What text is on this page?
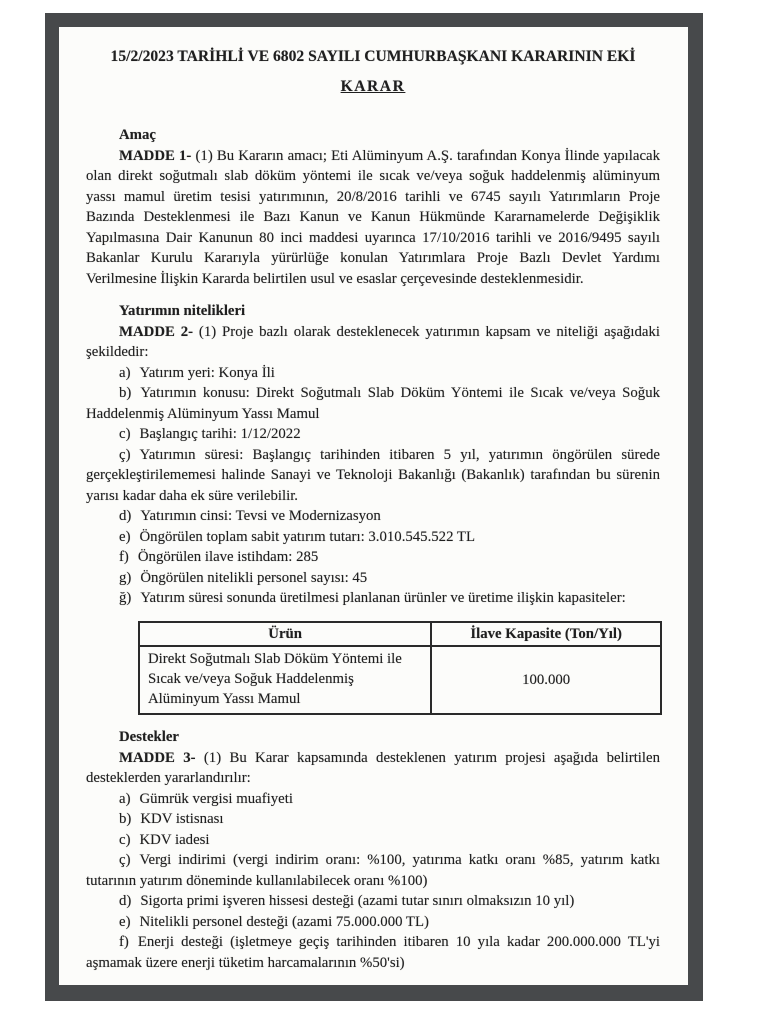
15/2/2023 TARİHLİ VE 6802 SAYILI CUMHURBAŞKANI KARARININ EKİ
KARAR

Amaç

MADDE 1- (1) Bu Kararın amacı; Eti Alüminyum A.Ş. tarafından Konya İlinde yapılacak olan direkt soğutmalı slab döküm yöntemi ile sıcak ve/veya soğuk haddelenmiş alüminyum yassı mamul üretim tesisi yatırımının, 20/8/2016 tarihli ve 6745 sayılı Yatırımların Proje Bazında Desteklenmesi ile Bazı Kanun ve Kanun Hükmünde Kararnamelerde Değişiklik Yapılmasına Dair Kanunun 80 inci maddesi uyarınca 17/10/2016 tarihli ve 2016/9495 sayılı Bakanlar Kurulu Kararıyla yürürlüğe konulan Yatırımlara Proje Bazlı Devlet Yardımı Verilmesine İlişkin Kararda belirtilen usul ve esaslar çerçevesinde desteklenmesidir.

Yatırımın nitelikleri

MADDE 2- (1) Proje bazlı olarak desteklenecek yatırımın kapsam ve niteliği aşağıdaki şekildedir:

a) Yatırım yeri: Konya İli

b) Yatırımın konusu: Direkt Soğutmalı Slab Döküm Yöntemi ile Sıcak ve/veya Soğuk Haddelenmiş Alüminyum Yassı Mamul

c) Başlangıç tarihi: 1/12/2022

ç) Yatırımın süresi: Başlangıç tarihinden itibaren 5 yıl, yatırımın öngörülen sürede gerçekleştirilememesi halinde Sanayi ve Teknoloji Bakanlığı (Bakanlık) tarafından bu sürenin yarısı kadar daha ek süre verilebilir.

d) Yatırımın cinsi: Tevsi ve Modernizasyon

e) Öngörülen toplam sabit yatırım tutarı: 3.010.545.522 TL

f) Öngörülen ilave istihdam: 285

g) Öngörülen nitelikli personel sayısı: 45

ğ) Yatırım süresi sonunda üretilmesi planlanan ürünler ve üretime ilişkin kapasiteler:

Ürün	İlave Kapasite (Ton/Yıl)
Direkt Soğutmalı Slab Döküm Yöntemi ile Sıcak ve/veya Soğuk Haddelenmiş Alüminyum Yassı Mamul	100.000

Destekler

MADDE 3- (1) Bu Karar kapsamında desteklenen yatırım projesi aşağıda belirtilen desteklerden yararlandırılır:

a) Gümrük vergisi muafiyeti

b) KDV istisnası

c) KDV iadesi

ç) Vergi indirimi (vergi indirim oranı: %100, yatırıma katkı oranı %85, yatırım katkı tutarının yatırım döneminde kullanılabilecek oranı %100)

d) Sigorta primi işveren hissesi desteği (azami tutar sınırı olmaksızın 10 yıl)

e) Nitelikli personel desteği (azami 75.000.000 TL)

f) Enerji desteği (işletmeye geçiş tarihinden itibaren 10 yıla kadar 200.000.000 TL'yi aşmamak üzere enerji tüketim harcamalarının %50'si)
